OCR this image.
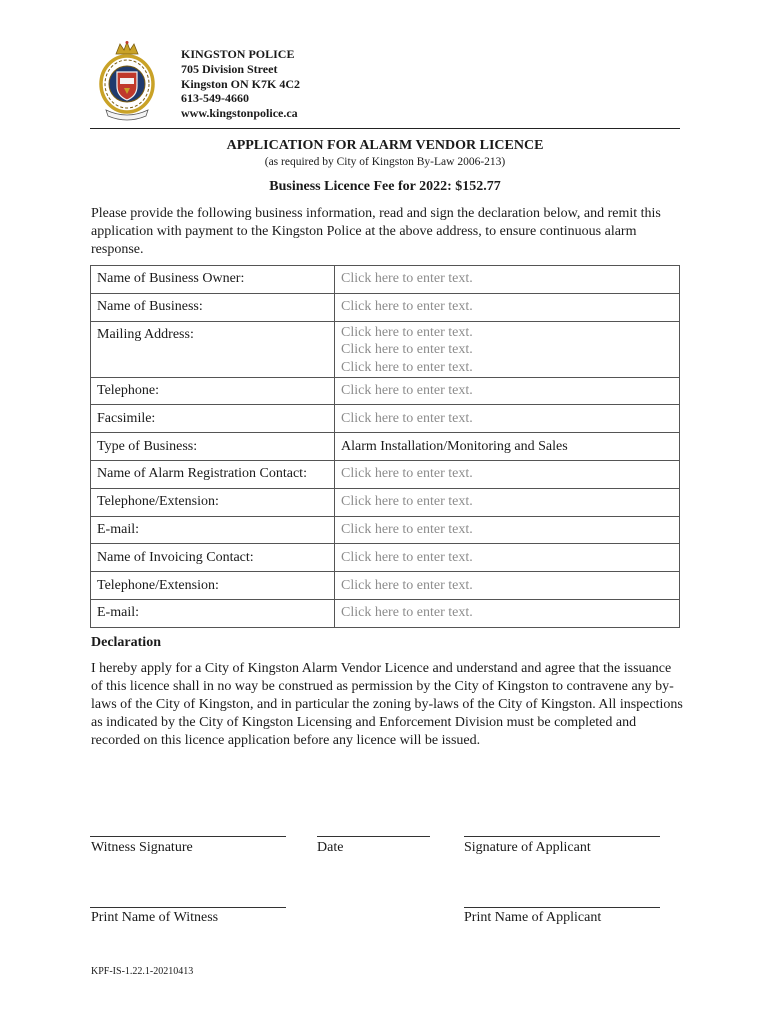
KINGSTON POLICE
705 Division Street
Kingston ON K7K 4C2
613-549-4660
www.kingstonpolice.ca
APPLICATION FOR ALARM VENDOR LICENCE
(as required by City of Kingston By-Law 2006-213)
Business Licence Fee for 2022: $152.77
Please provide the following business information, read and sign the declaration below, and remit this application with payment to the Kingston Police at the above address, to ensure continuous alarm response.
Name of Business Owner:	Click here to enter text.
Name of Business:	Click here to enter text.
Mailing Address:	Click here to enter text.
Click here to enter text.
Click here to enter text.

Telephone:	Click here to enter text.
Facsimile:	Click here to enter text.
Type of Business:	Alarm Installation/Monitoring and Sales
Name of Alarm Registration Contact:	Click here to enter text.
Telephone/Extension:	Click here to enter text.
E-mail:	Click here to enter text.
Name of Invoicing Contact:	Click here to enter text.
Telephone/Extension:	Click here to enter text.
E-mail:	Click here to enter text.
Declaration
I hereby apply for a City of Kingston Alarm Vendor Licence and understand and agree that the issuance of this licence shall in no way be construed as permission by the City of Kingston to contravene any by-laws of the City of Kingston, and in particular the zoning by-laws of the City of Kingston. All inspections as indicated by the City of Kingston Licensing and Enforcement Division must be completed and recorded on this licence application before any licence will be issued.
Witness Signature	Date	Signature of Applicant
Print Name of Witness	Print Name of Applicant
KPF-IS-1.22.1-20210413
